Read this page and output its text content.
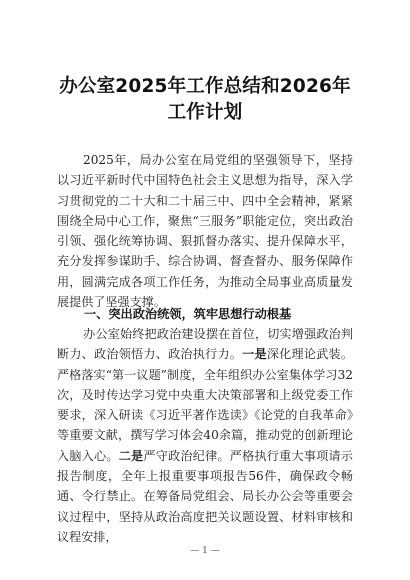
办公室2025年工作总结和2026年工作计划

2025年，局办公室在局党组的坚强领导下，坚持以习近平新时代中国特色社会主义思想为指导，深入学习贯彻党的二十大和二十届三中、四中全会精神，紧紧围绕全局中心工作，聚焦“三服务”职能定位，突出政治引领、强化统筹协调、狠抓督办落实、提升保障水平，充分发挥参谋助手、综合协调、督查督办、服务保障作用，圆满完成各项工作任务，为推动全局事业高质量发展提供了坚强支撑。

一、突出政治统领，筑牢思想行动根基

办公室始终把政治建设摆在首位，切实增强政治判断力、政治领悟力、政治执行力。一是深化理论武装。严格落实“第一议题”制度，全年组织办公室集体学习32次，及时传达学习党中央重大决策部署和上级党委工作要求，深入研读《习近平著作选读》《论党的自我革命》等重要文献，撰写学习体会40余篇，推动党的创新理论入脑入心。二是严守政治纪律。严格执行重大事项请示报告制度，全年上报重要事项报告56件，确保政令畅通、令行禁止。在筹备局党组会、局长办公会等重要会议过程中，坚持从政治高度把关议题设置、材料审核和议程安排，

— 1 —
